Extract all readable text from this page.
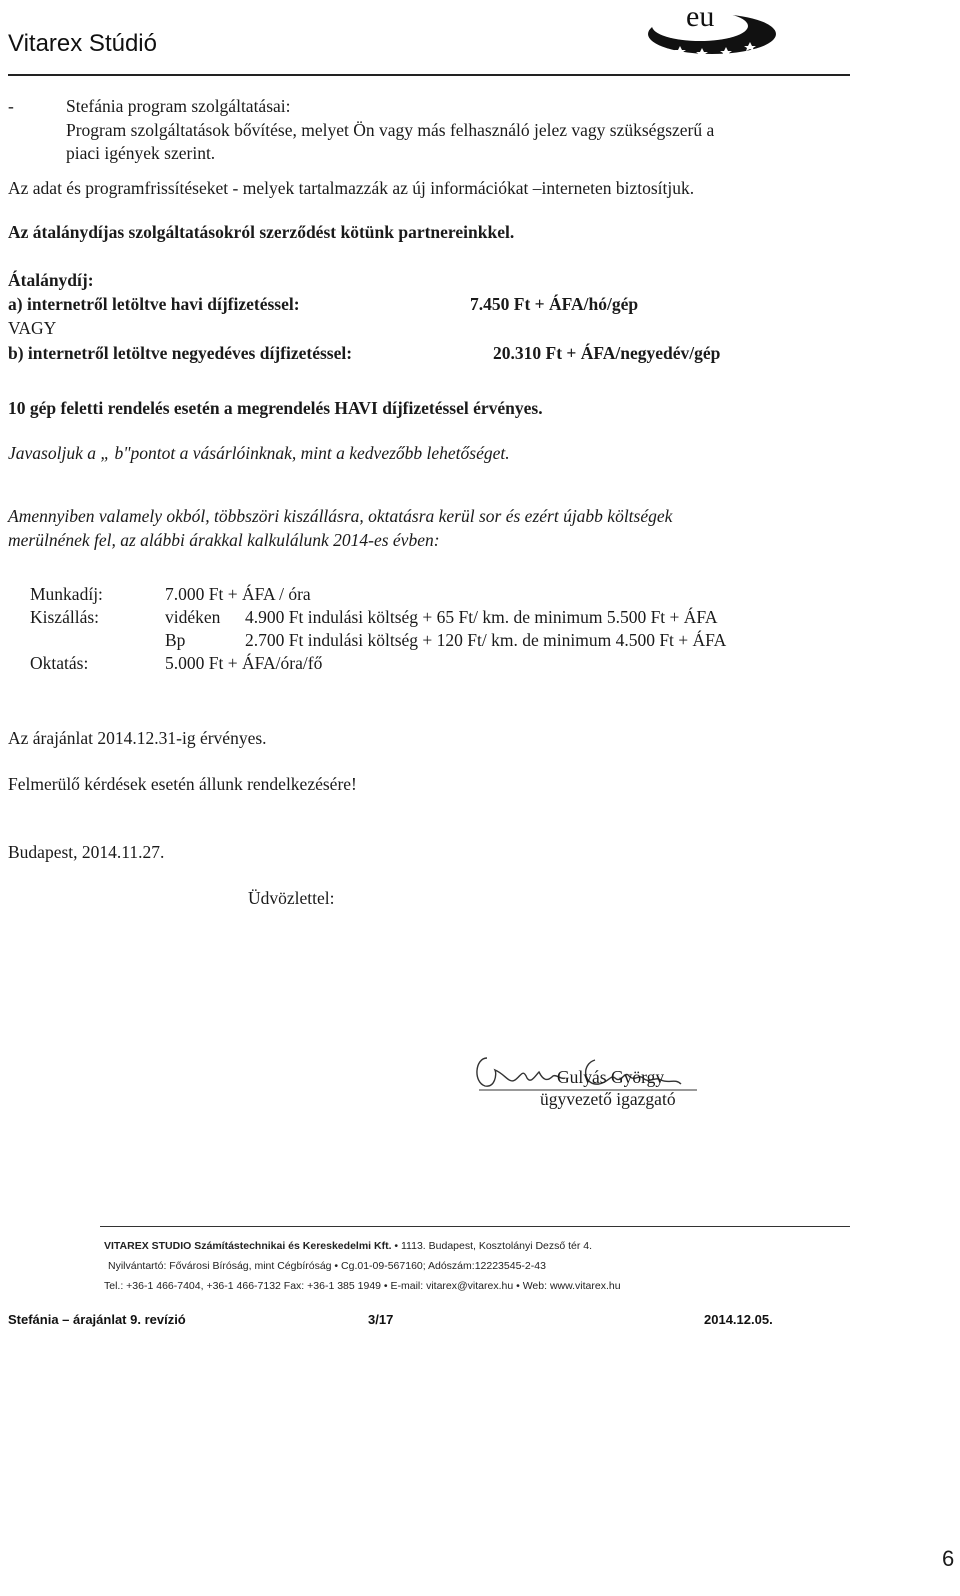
Vitarex Stúdió
eu
-	Stefánia program szolgáltatásai:
Program szolgáltatások bővítése, melyet Ön vagy más felhasználó jelez vagy szükségszerű a
piaci igények szerint.
Az adat és programfrissítéseket - melyek tartalmazzák az új információkat –interneten biztosítjuk.
Az átalánydíjas szolgáltatásokról szerződést kötünk partnereinkkel.
Átalánydíj:
a) internetről letöltve havi díjfizetéssel:	7.450 Ft + ÁFA/hó/gép
VAGY
b) internetről letöltve negyedéves díjfizetéssel:	20.310 Ft + ÁFA/negyedév/gép
10 gép feletti rendelés esetén a megrendelés HAVI díjfizetéssel érvényes.
Javasoljuk a „ b"pontot a vásárlóinknak, mint a kedvezőbb lehetőséget.
Amennyiben valamely okból, többszöri kiszállásra, oktatásra kerül sor és ezért újabb költségek
merülnének fel, az alábbi árakkal kalkulálunk 2014-es évben:
Munkadíj:	7.000 Ft + ÁFA / óra
Kiszállás:	vidéken 4.900 Ft indulási költség + 65 Ft/ km. de minimum 5.500 Ft + ÁFA
Bp	2.700 Ft indulási költség + 120 Ft/ km. de minimum 4.500 Ft + ÁFA
Oktatás:	5.000 Ft + ÁFA/óra/fő
Az árajánlat 2014.12.31-ig érvényes.
Felmerülő kérdések esetén állunk rendelkezésére!
Budapest, 2014.11.27.
Üdvözlettel:
Gulyás György
ügyvezető igazgató
VITAREX STUDIO Számítástechnikai és Kereskedelmi Kft. • 1113. Budapest, Kosztolányi Dezső tér 4.
Nyilvántartó: Fővárosi Bíróság, mint Cégbíróság • Cg.01-09-567160; Adószám:12223545-2-43
Tel.: +36-1 466-7404, +36-1 466-7132 Fax: +36-1 385 1949 • E-mail: vitarex@vitarex.hu • Web: www.vitarex.hu
Stefánia – árajánlat 9. revízió	3/17	2014.12.05.
6
